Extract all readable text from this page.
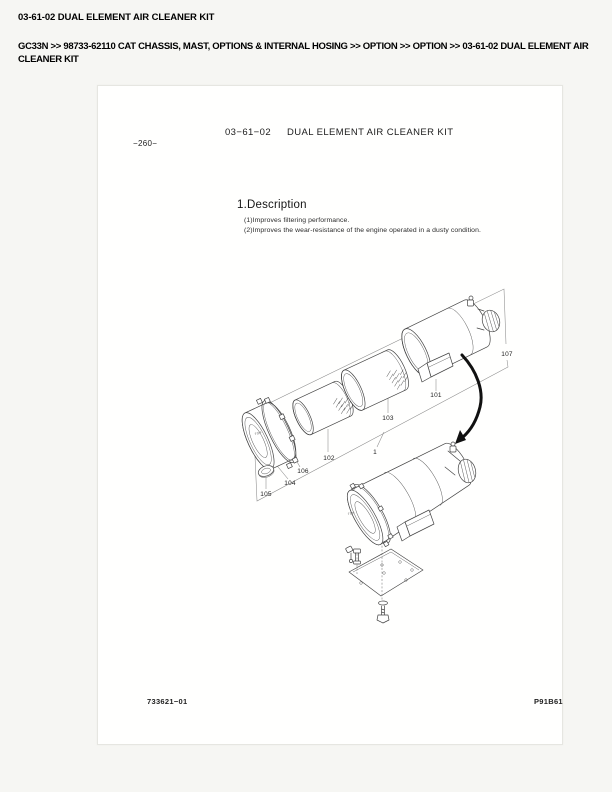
03-61-02 DUAL ELEMENT AIR CLEANER KIT
GC33N >> 98733-62110 CAT CHASSIS, MAST, OPTIONS & INTERNAL HOSING >> OPTION >> OPTION >> 03-61-02 DUAL ELEMENT AIR CLEANER KIT
03−61−02 DUAL ELEMENT AIR CLEANER KIT
−260−
1.Description
(1)Improves filtering performance.
(2)Improves the wear-resistance of the engine operated in a dusty condition.
TOP
TOP
107
101
103
1
102
106
104
105
733621−01	P91B61
